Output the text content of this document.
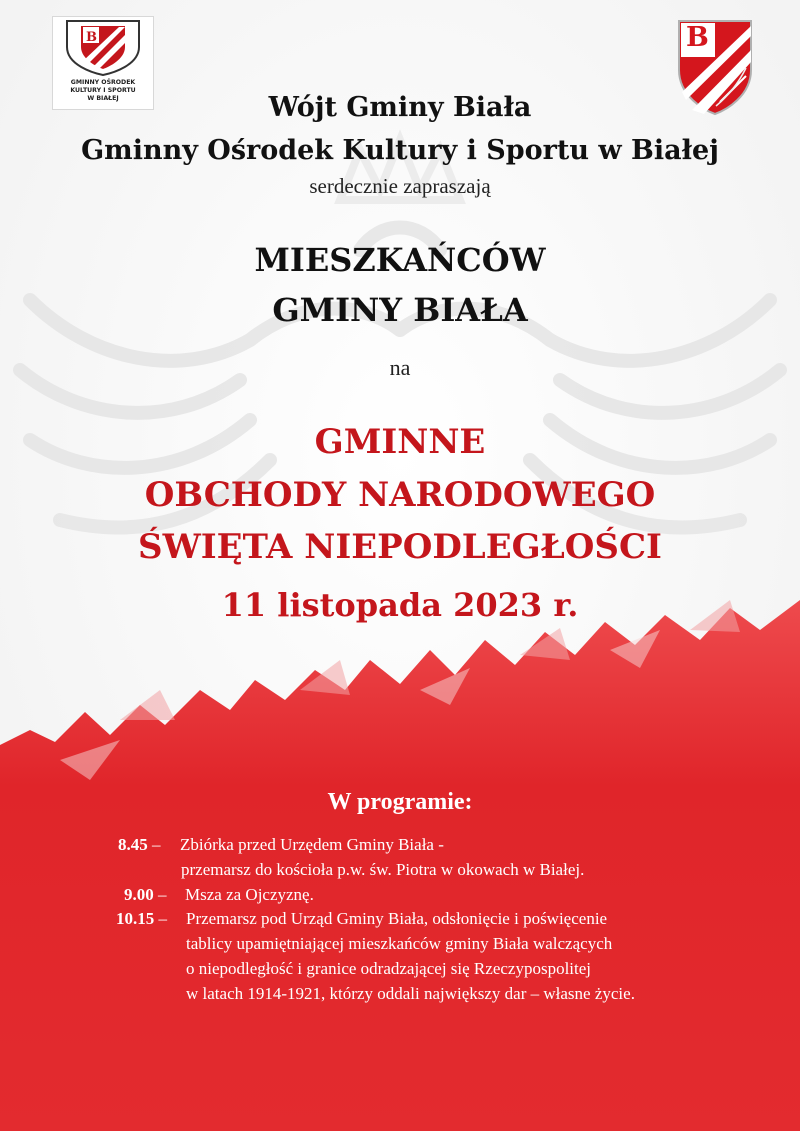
B
GMINNY OŚRODEK
KULTURY I SPORTU
W BIAŁEJ
B
Wójt Gminy Biała
Gminny Ośrodek Kultury i Sportu w Białej
serdecznie zapraszają
MIESZKAŃCÓW
GMINY BIAŁA
na
GMINNE
OBCHODY NARODOWEGO
ŚWIĘTA NIEPODLEGŁOŚCI
11 listopada 2023 r.
W programie:
8.45 – Zbiórka przed Urzędem Gminy Biała -
przemarsz do kościoła p.w. św. Piotra w okowach w Białej.
9.00 – Msza za Ojczyznę.
10.15 – Przemarsz pod Urząd Gminy Biała, odsłonięcie i poświęcenie
tablicy upamiętniającej mieszkańców gminy Biała walczących
o niepodległość i granice odradzającej się Rzeczypospolitej
w latach 1914-1921, którzy oddali największy dar – własne życie.
